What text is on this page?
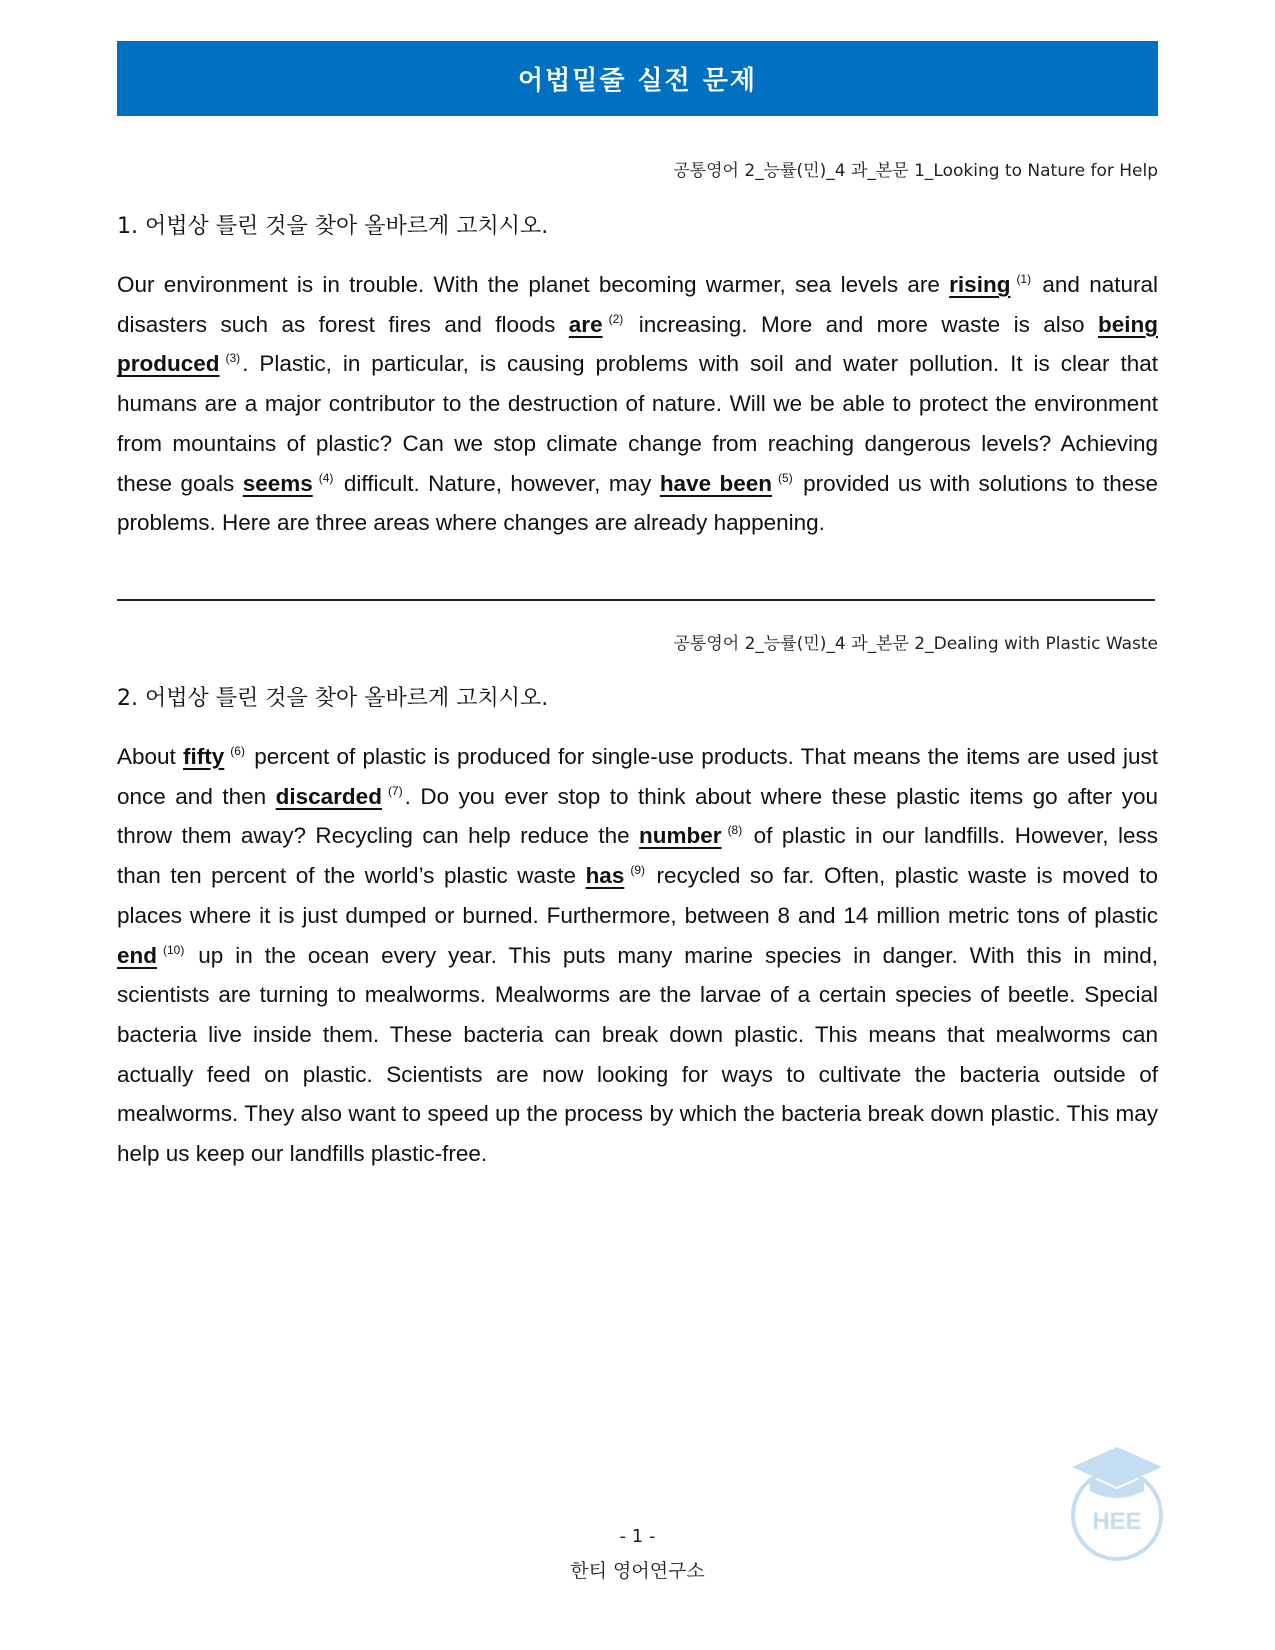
어법밑줄 실전 문제
공통영어 2_능률(민)_4 과_본문 1_Looking to Nature for Help
1. 어법상 틀린 것을 찾아 올바르게 고치시오.
Our environment is in trouble. With the planet becoming warmer, sea levels are rising $^{(1)}$ and natural disasters such as forest fires and floods are $^{(2)}$ increasing. More and more waste is also being produced $^{(3)}$. Plastic, in particular, is causing problems with soil and water pollution. It is clear that humans are a major contributor to the destruction of nature. Will we be able to protect the environment from mountains of plastic? Can we stop climate change from reaching dangerous levels? Achieving these goals seems $^{(4)}$ difficult. Nature, however, may have been $^{(5)}$ provided us with solutions to these problems. Here are three areas where changes are already happening.
공통영어 2_능률(민)_4 과_본문 2_Dealing with Plastic Waste
2. 어법상 틀린 것을 찾아 올바르게 고치시오.
About fifty $^{(6)}$ percent of plastic is produced for single-use products. That means the items are used just once and then discarded $^{(7)}$. Do you ever stop to think about where these plastic items go after you throw them away? Recycling can help reduce the number $^{(8)}$ of plastic in our landfills. However, less than ten percent of the world’s plastic waste has $^{(9)}$ recycled so far. Often, plastic waste is moved to places where it is just dumped or burned. Furthermore, between 8 and 14 million metric tons of plastic end $^{(10)}$ up in the ocean every year. This puts many marine species in danger. With this in mind, scientists are turning to mealworms. Mealworms are the larvae of a certain species of beetle. Special bacteria live inside them. These bacteria can break down plastic. This means that mealworms can actually feed on plastic. Scientists are now looking for ways to cultivate the bacteria outside of mealworms. They also want to speed up the process by which the bacteria break down plastic. This may help us keep our landfills plastic-free.
HEE
- 1 -
한티 영어연구소
